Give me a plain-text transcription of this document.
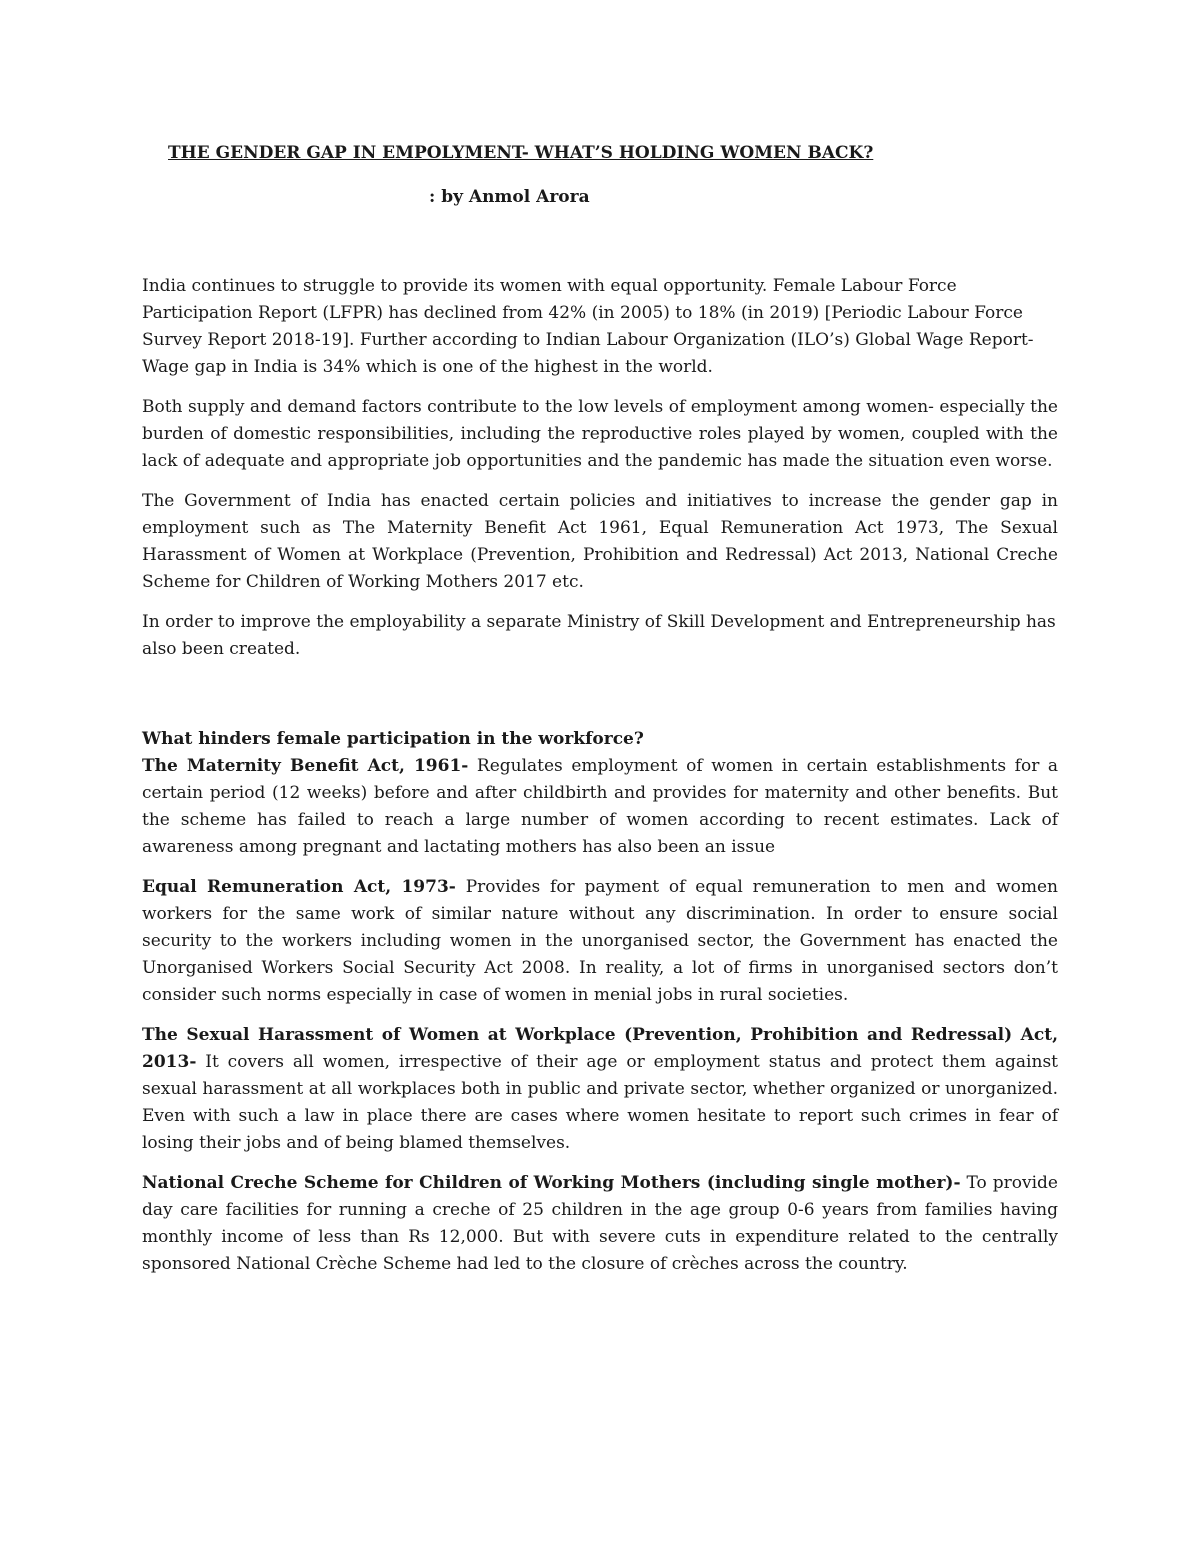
THE GENDER GAP IN EMPOLYMENT- WHAT’S HOLDING WOMEN BACK?

: by Anmol Arora

India continues to struggle to provide its women with equal opportunity. Female Labour Force Participation Report (LFPR) has declined from 42% (in 2005) to 18% (in 2019) [Periodic Labour Force Survey Report 2018-19]. Further according to Indian Labour Organization (ILO’s) Global Wage Report- Wage gap in India is 34% which is one of the highest in the world.

Both supply and demand factors contribute to the low levels of employment among women- especially the burden of domestic responsibilities, including the reproductive roles played by women, coupled with the lack of adequate and appropriate job opportunities and the pandemic has made the situation even worse.

The Government of India has enacted certain policies and initiatives to increase the gender gap in employment such as The Maternity Benefit Act 1961, Equal Remuneration Act 1973, The Sexual Harassment of Women at Workplace (Prevention, Prohibition and Redressal) Act 2013, National Creche Scheme for Children of Working Mothers 2017 etc.

In order to improve the employability a separate Ministry of Skill Development and Entrepreneurship has also been created.

What hinders female participation in the workforce?

The Maternity Benefit Act, 1961- Regulates employment of women in certain establishments for a certain period (12 weeks) before and after childbirth and provides for maternity and other benefits. But the scheme has failed to reach a large number of women according to recent estimates. Lack of awareness among pregnant and lactating mothers has also been an issue

Equal Remuneration Act, 1973- Provides for payment of equal remuneration to men and women workers for the same work of similar nature without any discrimination. In order to ensure social security to the workers including women in the unorganised sector, the Government has enacted the Unorganised Workers Social Security Act 2008. In reality, a lot of firms in unorganised sectors don’t consider such norms especially in case of women in menial jobs in rural societies.

The Sexual Harassment of Women at Workplace (Prevention, Prohibition and Redressal) Act, 2013- It covers all women, irrespective of their age or employment status and protect them against sexual harassment at all workplaces both in public and private sector, whether organized or unorganized. Even with such a law in place there are cases where women hesitate to report such crimes in fear of losing their jobs and of being blamed themselves.

National Creche Scheme for Children of Working Mothers (including single mother)- To provide day care facilities for running a creche of 25 children in the age group 0-6 years from families having monthly income of less than Rs 12,000. But with severe cuts in expenditure related to the centrally sponsored National Crèche Scheme had led to the closure of crèches across the country.
